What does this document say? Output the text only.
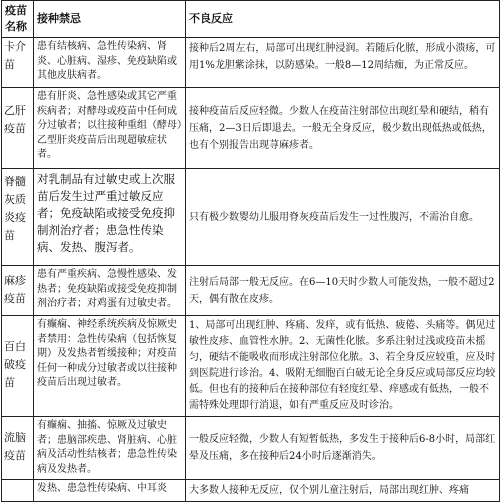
疫苗名称	接种禁忌	不良反应
卡介苗	患有结核病、急性传染病、肾炎、心脏病、湿疹、免疫缺陷或其他皮肤病者。	接种后2周左右，局部可出现红肿浸润。若随后化脓，形成小溃疡，可用1%龙胆紫涂抹，以防感染。一般8—12周结痂，为正常反应。
乙肝疫苗	患有肝炎、急性感染或其它严重疾病者；对酵母或疫苗中任何成分过敏者；以往接种重组（酵母）乙型肝炎疫苗后出现超敏症状者。	接种疫苗后反应轻微。少数人在疫苗注射部位出现红晕和硬结，稍有压痛，2—3日后即退去。一般无全身反应，极少数出现低热或低热，也有个别报告出现荨麻疹者。
脊髓灰质炎疫苗	对乳制品有过敏史或上次服苗后发生过严重过敏反应者；免疫缺陷或接受免疫抑制剂治疗者；患急性传染病、发热、腹泻者。	只有极少数婴幼儿服用脊灰疫苗后发生一过性腹泻，不需治自愈。
麻疹疫苗	患有严重疾病、急慢性感染、发热者；免疫缺陷或接受免疫抑制剂治疗者；对鸡蛋有过敏史者。	注射后局部一般无反应。在6—10天时少数人可能发热，一般不超过2天，偶有散在皮疹。
百白破疫苗	有癫痫、神经系统疾病及惊厥史者禁用：急性传染病（包括恢复期）及发热者暂缓接种；对疫苗任何一种成分过敏者或以往接种疫苗后出现过敏者。	1、局部可出现红肿、疼痛、发痒，或有低热、疲倦、头痛等。偶见过敏性皮疹、血管性水肿。2、无菌性化脓。多系注射过浅或疫苗未摇匀，硬结不能吸收而形成注射部位化脓。3、若全身反应较重，应及时到医院进行诊治。4、吸附无细胞百白破无论全身反应或局部反应均较低。但也有的接种后在接种部位有轻度红晕、痒感或有低热，一般不需特殊处理即行消退，如有严重反应及时诊治。
流脑疫苗	有癫痫、抽搐、惊厥及过敏史者；患脑部疾患、肾脏病、心脏病及活动性结核者；患急性传染病及发热者。	一般反应轻微，少数人有短暂低热，多发生于接种后6-8小时，局部红晕及压痛，多在接种后24小时后逐渐消失。
	发热、患急性传染病、中耳炎	大多数人接种无反应，仅个别儿童注射后，局部出现红肿、疼痛
